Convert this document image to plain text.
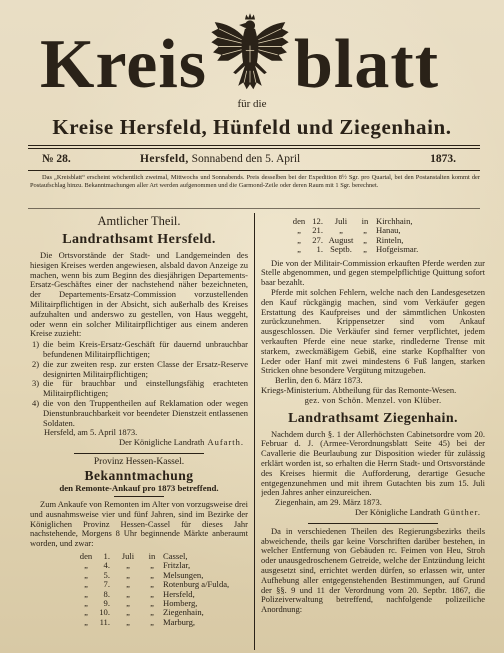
Kreis blatt
für die
Kreise Hersfeld, Hünfeld und Ziegenhain.
№ 28.	Hersfeld, Sonnabend den 5. April	1873.
Das „Kreisblatt“ erscheint wöchentlich zweimal, Mittwochs und Sonnabends. Preis desselben bei der Expedition 8½ Sgr. pro Quartal, bei den Postanstalten kommt der Postaufschlag hinzu. Bekanntmachungen aller Art werden aufgenommen und die Garmond-Zeile oder deren Raum mit 1 Sgr. berechnet.
Amtlicher Theil.
Landrathsamt Hersfeld.

Die Ortsvorstände der Stadt- und Landgemeinden des hiesigen Kreises werden angewiesen, alsbald davon Anzeige zu machen, wenn bis zum Beginn des diesjährigen Departements-Ersatz-Geschäftes einer der nachstehend näher bezeichneten, der Departements-Ersatz-Commission vorzustellenden Militairpflichtigen in der Absicht, sich außerhalb des Kreises aufzuhalten und anderswo zu gestellen, von Haus weggeht, oder wenn ein solcher Militairpflichtiger aus einem anderen Kreise zuzieht:

1) die beim Kreis-Ersatz-Geschäft für dauernd unbrauchbar befundenen Militairpflichtigen;
2) die zur zweiten resp. zur ersten Classe der Ersatz-Reserve designirten Militairpflichtigen;
3) die für brauchbar und einstellungsfähig erachteten Militairpflichtigen;
4) die von den Truppentheilen auf Reklamation oder wegen Dienstunbrauchbarkeit vor beendeter Dienstzeit entlassenen Soldaten.
Hersfeld, am 5. April 1873.
Der Königliche Landrath Aufarth.
Provinz Hessen-Kassel.
Bekanntmachung
den Remonte-Ankauf pro 1873 betreffend.

Zum Ankaufe von Remonten im Alter von vorzugsweise drei und ausnahmsweise vier und fünf Jahren, sind im Bezirke der Königlichen Provinz Hessen-Cassel für dieses Jahr nachstehende, Morgens 8 Uhr beginnende Märkte anberaumt worden, und zwar:

den	1.	Juli	in Cassel,
„	4.	„	„	Fritzlar,
„	5.	„	„	Melsungen,
„	7.	„	„	Rotenburg a/Fulda,
„	8.	„	„	Hersfeld,
„	9.	„	„	Homberg,
„	10.	„	„	Ziegenhain,
„	11.	„	„	Marburg,
den 12.	Juli	in Kirchhain,
„	21.	„	„	Hanau,
„	27. August	„	Rinteln,
„	1. Septb.	„	Hofgeismar.

Die von der Militair-Commission erkauften Pferde werden zur Stelle abgenommen, und gegen stempelpflichtige Quittung sofort baar bezahlt.

Pferde mit solchen Fehlern, welche nach den Landesgesetzen den Kauf rückgängig machen, sind vom Verkäufer gegen Erstattung des Kaufpreises und der sämmtlichen Unkosten zurückzunehmen. Krippensetzer sind vom Ankauf ausgeschlossen. Die Verkäufer sind ferner verpflichtet, jedem verkauften Pferde eine neue starke, rindlederne Trense mit starkem, zweckmäßigem Gebiß, eine starke Kopfhalfter von Leder oder Hanf mit zwei mindestens 6 Fuß langen, starken Stricken ohne besondere Vergütung mitzugeben.

Berlin, den 6. März 1873.
Kriegs-Ministerium. Abtheilung für das Remonte-Wesen.
gez. von Schön. Menzel. von Klüber.
Landrathsamt Ziegenhain.

Nachdem durch §. 1 der Allerhöchsten Cabinetsordre vom 20. Februar d. J. (Armee-Verordnungsblatt Seite 45) bei der Cavallerie die Beurlaubung zur Disposition wieder für zulässig erklärt worden ist, so erhalten die Herrn Stadt- und Ortsvorstände des Kreises hiermit die Aufforderung, derartige Gesuche entgegenzunehmen und mit ihrem Gutachten bis zum 15. Juli jeden Jahres anher einzureichen.

Ziegenhain, am 29. März 1873.
Der Königliche Landrath Günther.

Da in verschiedenen Theilen des Regierungsbezirks theils abweichende, theils gar keine Vorschriften darüber bestehen, in welcher Entfernung von Gebäuden rc. Feimen von Heu, Stroh oder unausgedroschenem Getreide, welche der Entzündung leicht ausgesetzt sind, errichtet werden dürfen, so erlassen wir, unter Aufhebung aller entgegenstehenden Bestimmungen, auf Grund der §§. 9 und 11 der Verordnung vom 20. Septbr. 1867, die Polizeiverwaltung betreffend, nachfolgende polizeiliche Anordnung:
